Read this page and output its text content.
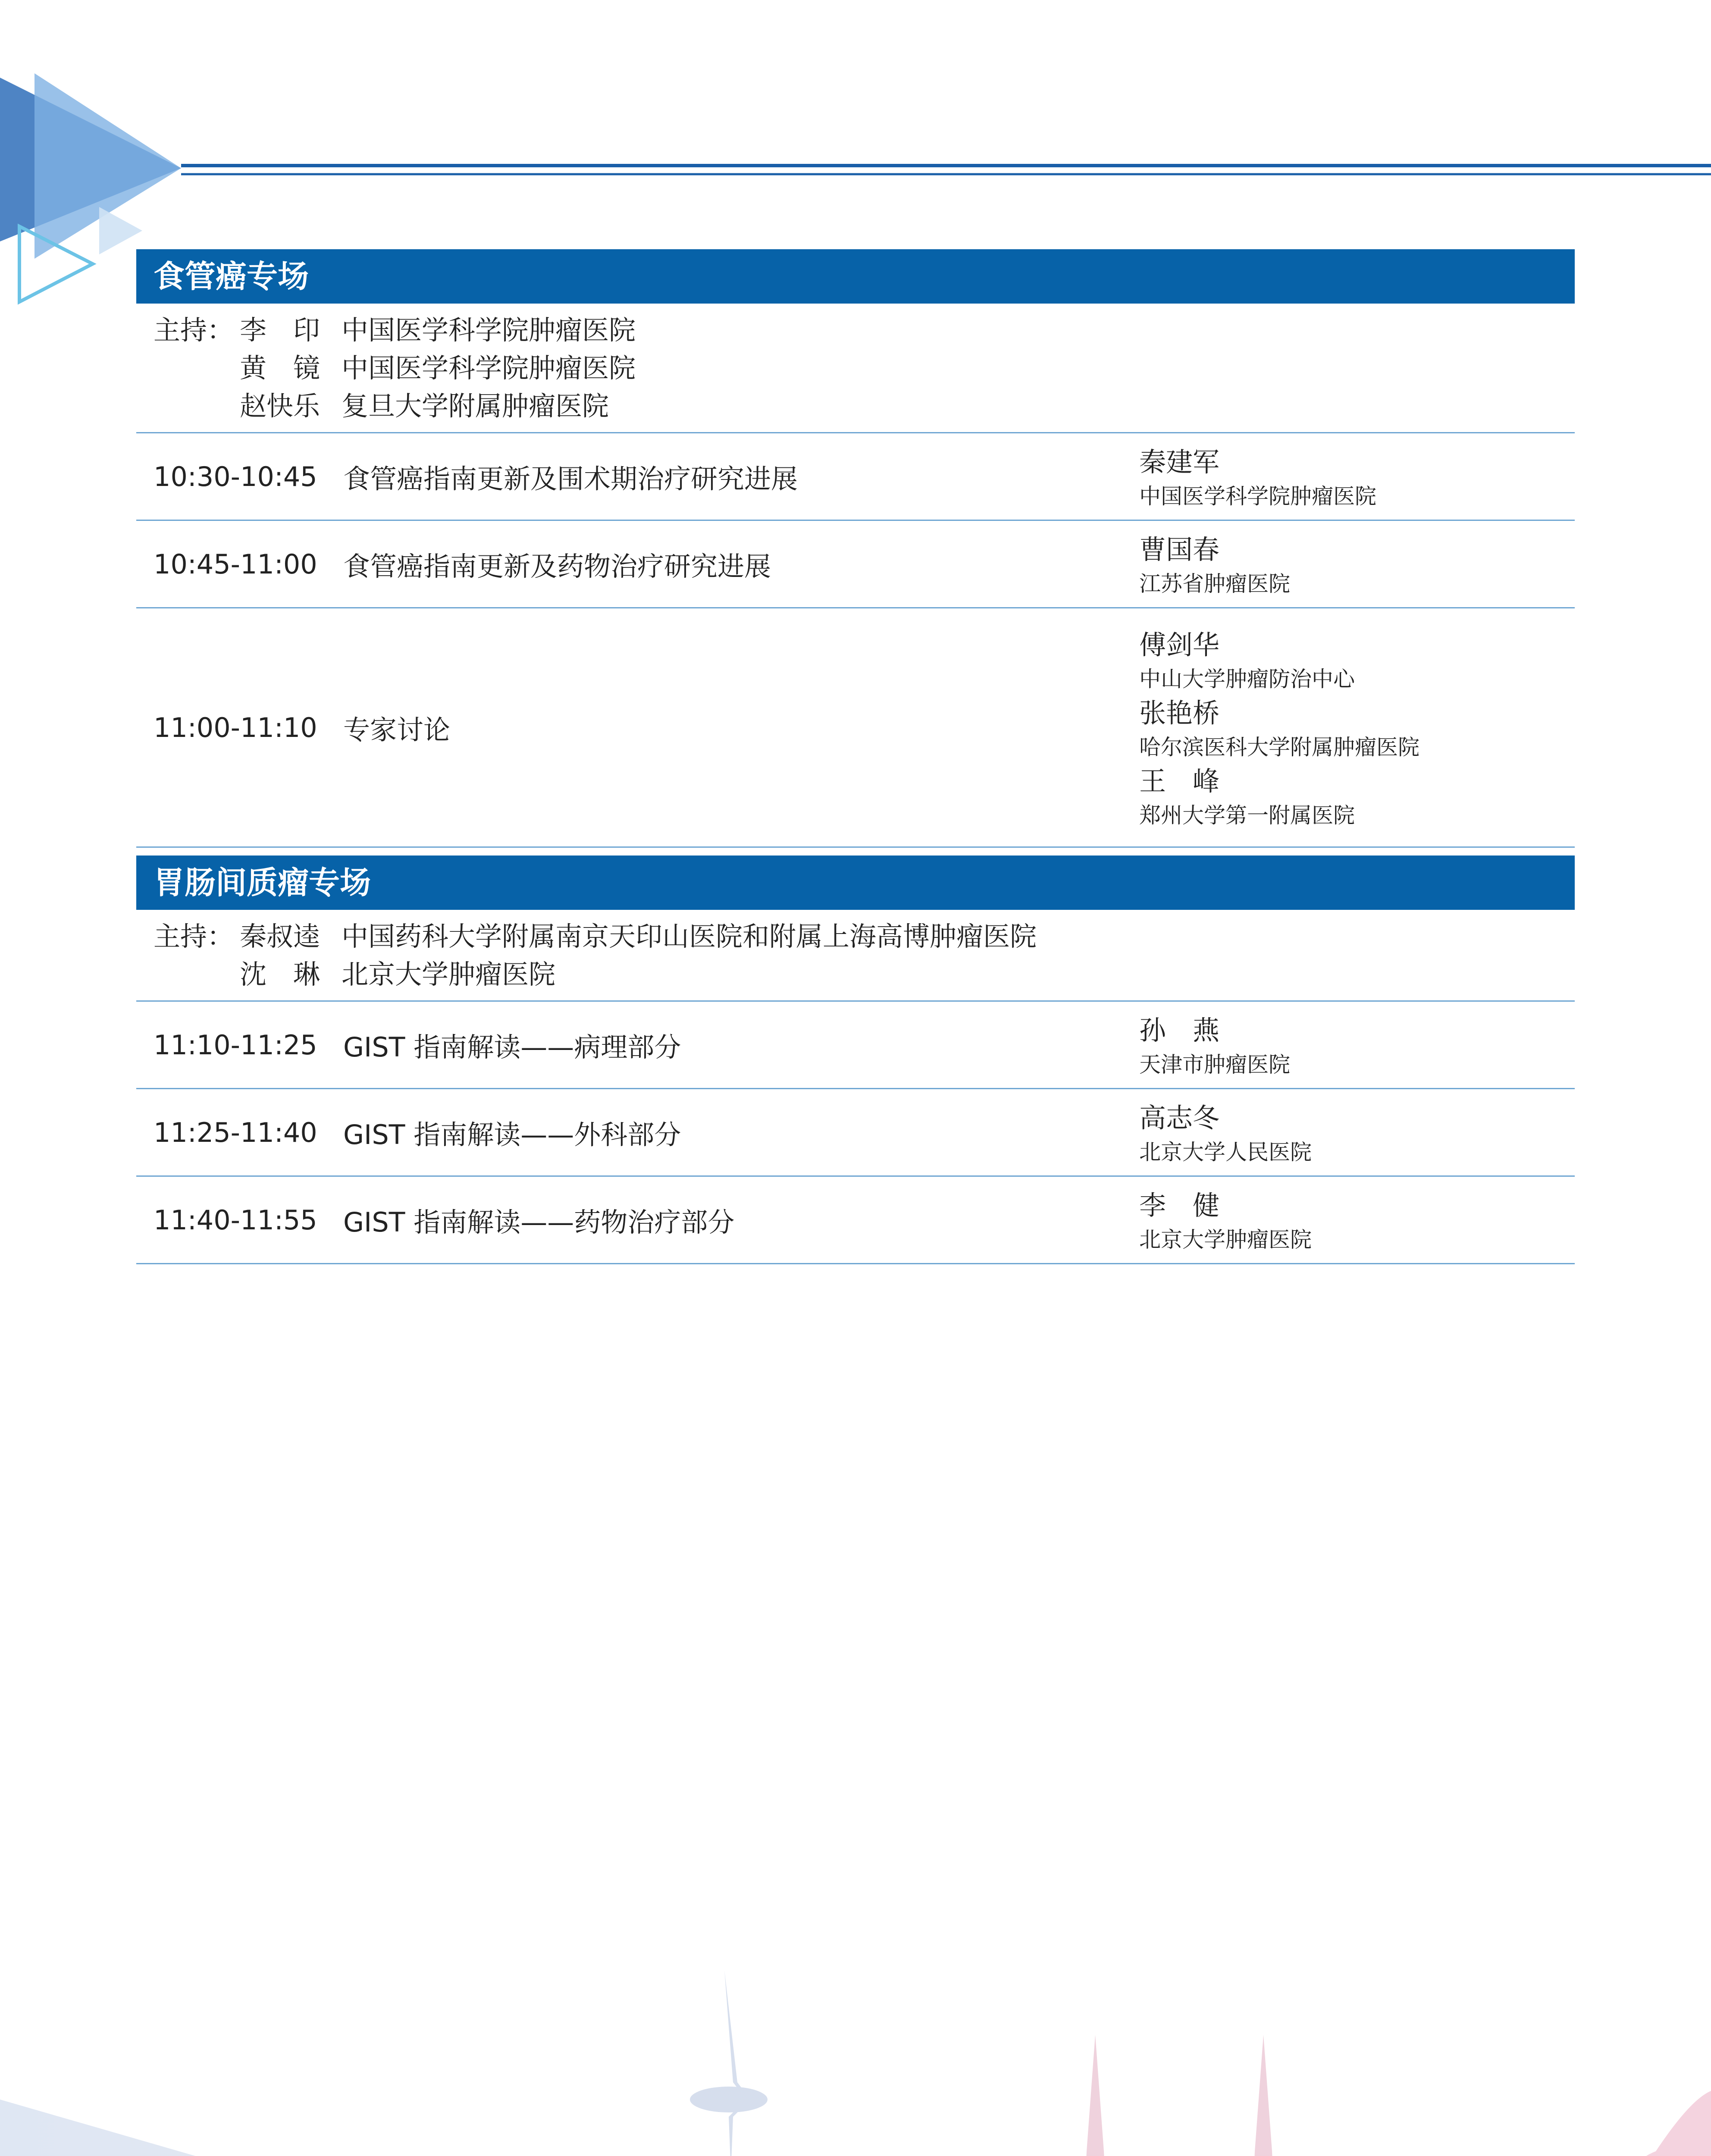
食管癌专场
主持： 李　印 中国医学科学院肿瘤医院
黄　镜 中国医学科学院肿瘤医院
赵快乐 复旦大学附属肿瘤医院
10:30-10:45 食管癌指南更新及围术期治疗研究进展
秦建军
中国医学科学院肿瘤医院
10:45-11:00 食管癌指南更新及药物治疗研究进展
曹国春
江苏省肿瘤医院
11:00-11:10 专家讨论
傅剑华
中山大学肿瘤防治中心
张艳桥
哈尔滨医科大学附属肿瘤医院
王　峰
郑州大学第一附属医院
胃肠间质瘤专场
主持： 秦叔逵 中国药科大学附属南京天印山医院和附属上海高博肿瘤医院
沈　琳 北京大学肿瘤医院
11:10-11:25 GIST 指南解读——病理部分
孙　燕
天津市肿瘤医院
11:25-11:40 GIST 指南解读——外科部分
高志冬
北京大学人民医院
11:40-11:55 GIST 指南解读——药物治疗部分
李　健
北京大学肿瘤医院
